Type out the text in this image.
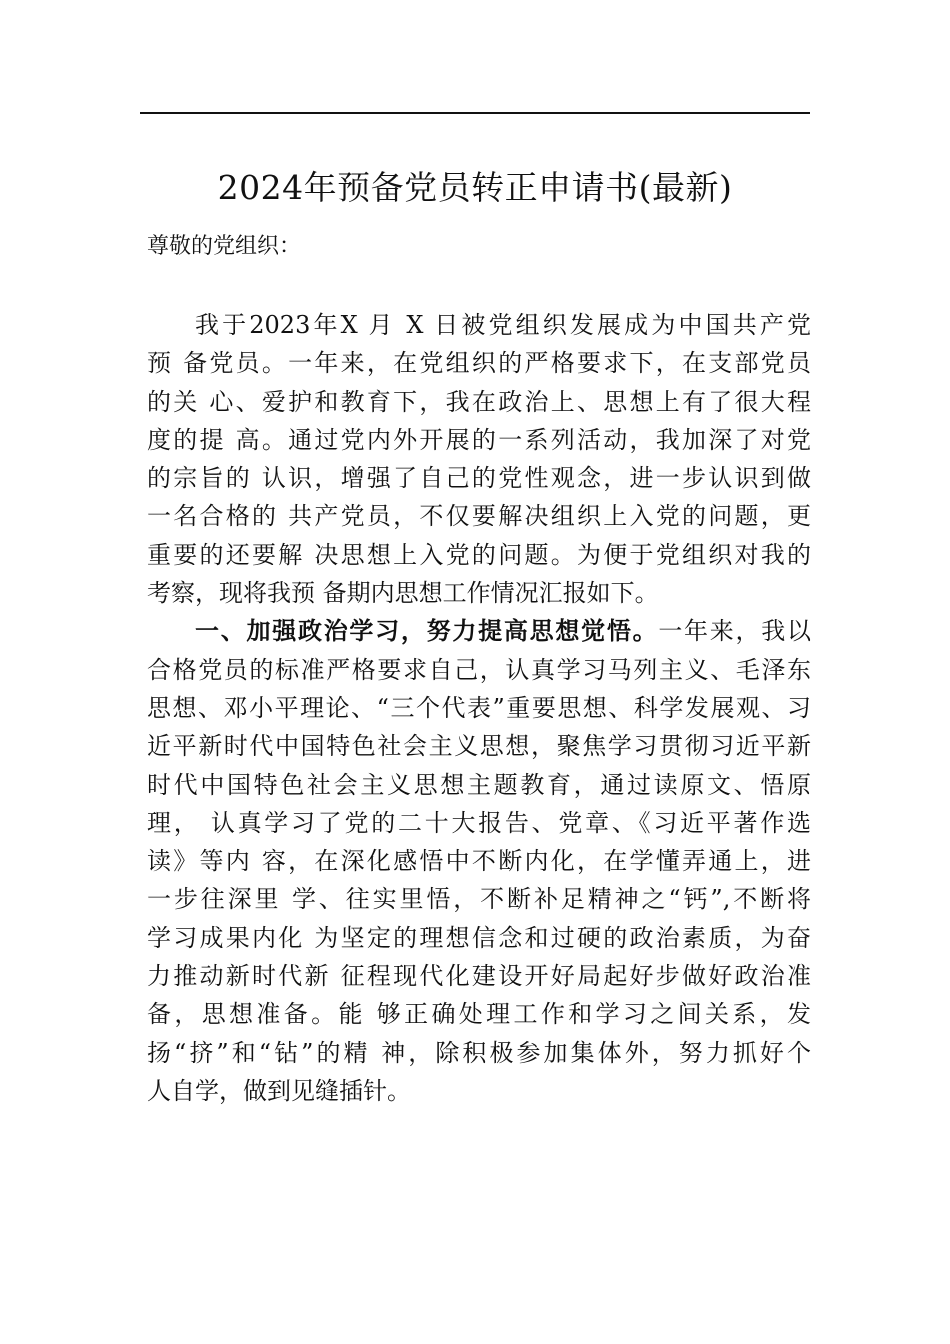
2024年预备党员转正申请书(最新)
尊敬的党组织：
我于2023年X 月 X 日被党组织发展成为中国共产党
预 备党员。一年来，在党组织的严格要求下，在支部党员
的关 心、爱护和教育下，我在政治上、思想上有了很大程
度的提 高。通过党内外开展的一系列活动，我加深了对党
的宗旨的 认识，增强了自己的党性观念，进一步认识到做
一名合格的 共产党员，不仅要解决组织上入党的问题，更
重要的还要解 决思想上入党的问题。为便于党组织对我的
考察，现将我预 备期内思想工作情况汇报如下。
一、加强政治学习，努力提高思想觉悟。一年来，我以
合格党员的标准严格要求自己，认真学习马列主义、毛泽东
思想、邓小平理论、“三个代表”重要思想、科学发展观、习
近平新时代中国特色社会主义思想，聚焦学习贯彻习近平新
时代中国特色社会主义思想主题教育，通过读原文、悟原
理， 认真学习了党的二十大报告、党章、《习近平著作选
读》等内 容，在深化感悟中不断内化，在学懂弄通上，进
一步往深里 学、往实里悟，不断补足精神之“钙”,不断将
学习成果内化 为坚定的理想信念和过硬的政治素质，为奋
力推动新时代新 征程现代化建设开好局起好步做好政治准
备，思想准备。能 够正确处理工作和学习之间关系，发
扬“挤”和“钻”的精 神，除积极参加集体外，努力抓好个
人自学，做到见缝插针。
